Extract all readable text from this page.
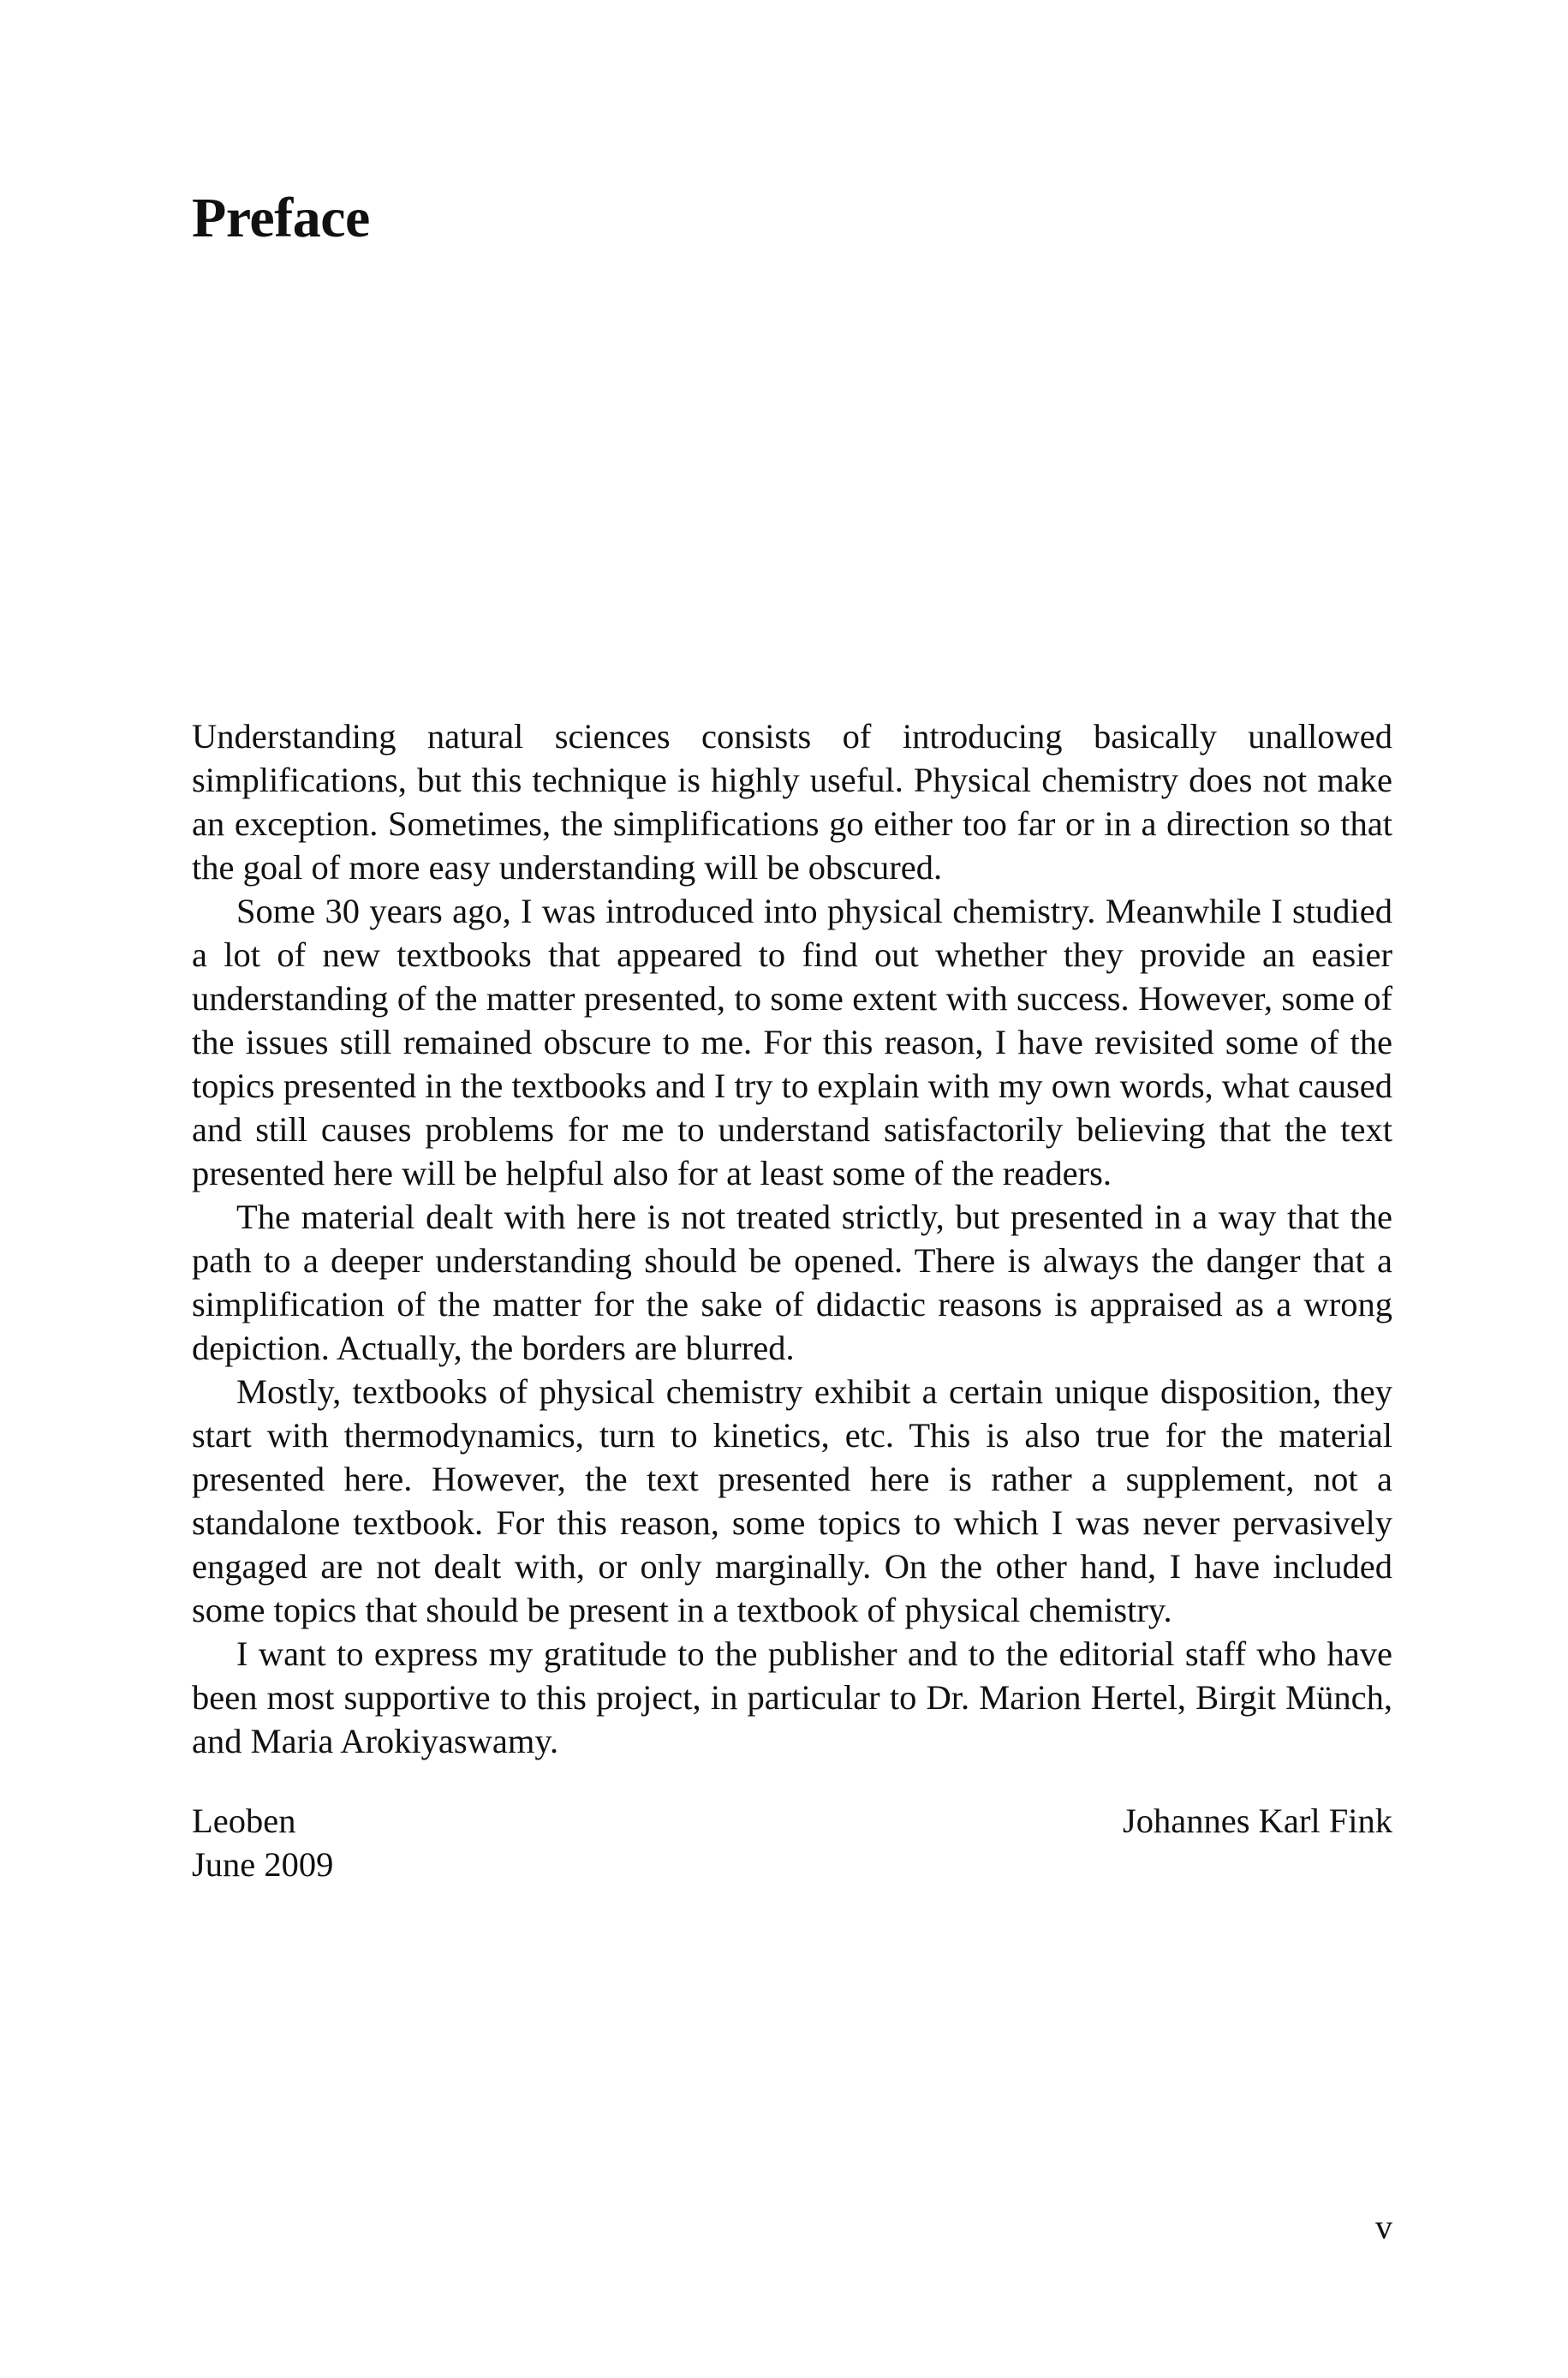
Preface

Understanding natural sciences consists of introducing basically unallowed simplifications, but this technique is highly useful. Physical chemistry does not make an exception. Sometimes, the simplifications go either too far or in a direction so that the goal of more easy understanding will be obscured.

Some 30 years ago, I was introduced into physical chemistry. Meanwhile I studied a lot of new textbooks that appeared to find out whether they provide an easier understanding of the matter presented, to some extent with success. However, some of the issues still remained obscure to me. For this reason, I have revisited some of the topics presented in the textbooks and I try to explain with my own words, what caused and still causes problems for me to understand satisfactorily believing that the text presented here will be helpful also for at least some of the readers.

The material dealt with here is not treated strictly, but presented in a way that the path to a deeper understanding should be opened. There is always the danger that a simplification of the matter for the sake of didactic reasons is appraised as a wrong depiction. Actually, the borders are blurred.

Mostly, textbooks of physical chemistry exhibit a certain unique disposition, they start with thermodynamics, turn to kinetics, etc. This is also true for the material presented here. However, the text presented here is rather a supplement, not a standalone textbook. For this reason, some topics to which I was never pervasively engaged are not dealt with, or only marginally. On the other hand, I have included some topics that should be present in a textbook of physical chemistry.

I want to express my gratitude to the publisher and to the editorial staff who have been most supportive to this project, in particular to Dr. Marion Hertel, Birgit Münch, and Maria Arokiyaswamy.

Leoben
June 2009
Johannes Karl Fink
v
